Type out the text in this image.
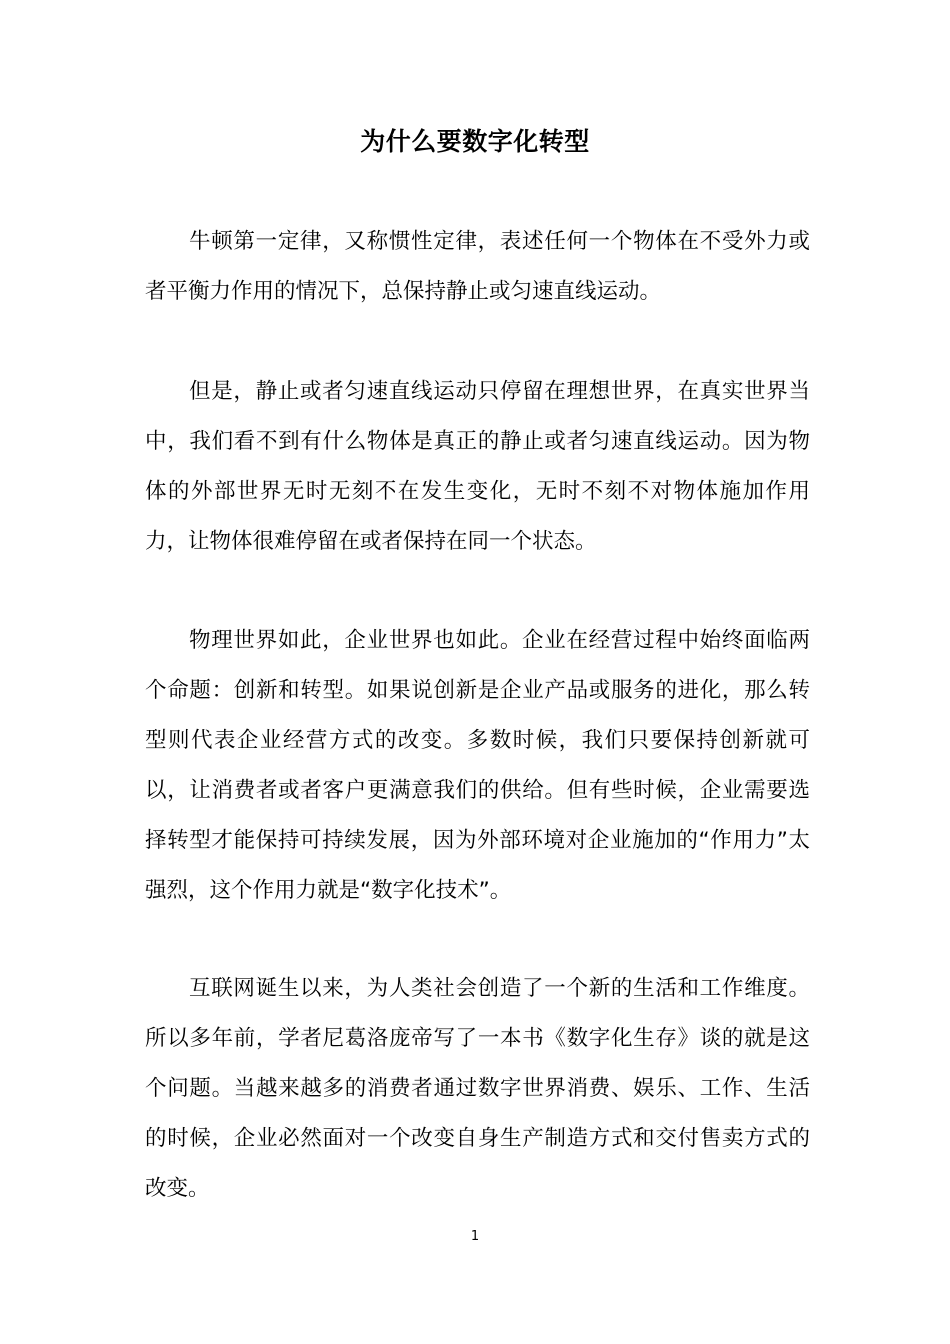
为什么要数字化转型

牛顿第一定律，又称惯性定律，表述任何一个物体在不受外力或者平衡力作用的情况下，总保持静止或匀速直线运动。

但是，静止或者匀速直线运动只停留在理想世界，在真实世界当中，我们看不到有什么物体是真正的静止或者匀速直线运动。因为物体的外部世界无时无刻不在发生变化，无时不刻不对物体施加作用力，让物体很难停留在或者保持在同一个状态。

物理世界如此，企业世界也如此。企业在经营过程中始终面临两个命题：创新和转型。如果说创新是企业产品或服务的进化，那么转型则代表企业经营方式的改变。多数时候，我们只要保持创新就可以，让消费者或者客户更满意我们的供给。但有些时候，企业需要选择转型才能保持可持续发展，因为外部环境对企业施加的“作用力”太强烈，这个作用力就是“数字化技术”。

互联网诞生以来，为人类社会创造了一个新的生活和工作维度。所以多年前，学者尼葛洛庞帝写了一本书《数字化生存》谈的就是这个问题。当越来越多的消费者通过数字世界消费、娱乐、工作、生活的时候，企业必然面对一个改变自身生产制造方式和交付售卖方式的改变。

1
